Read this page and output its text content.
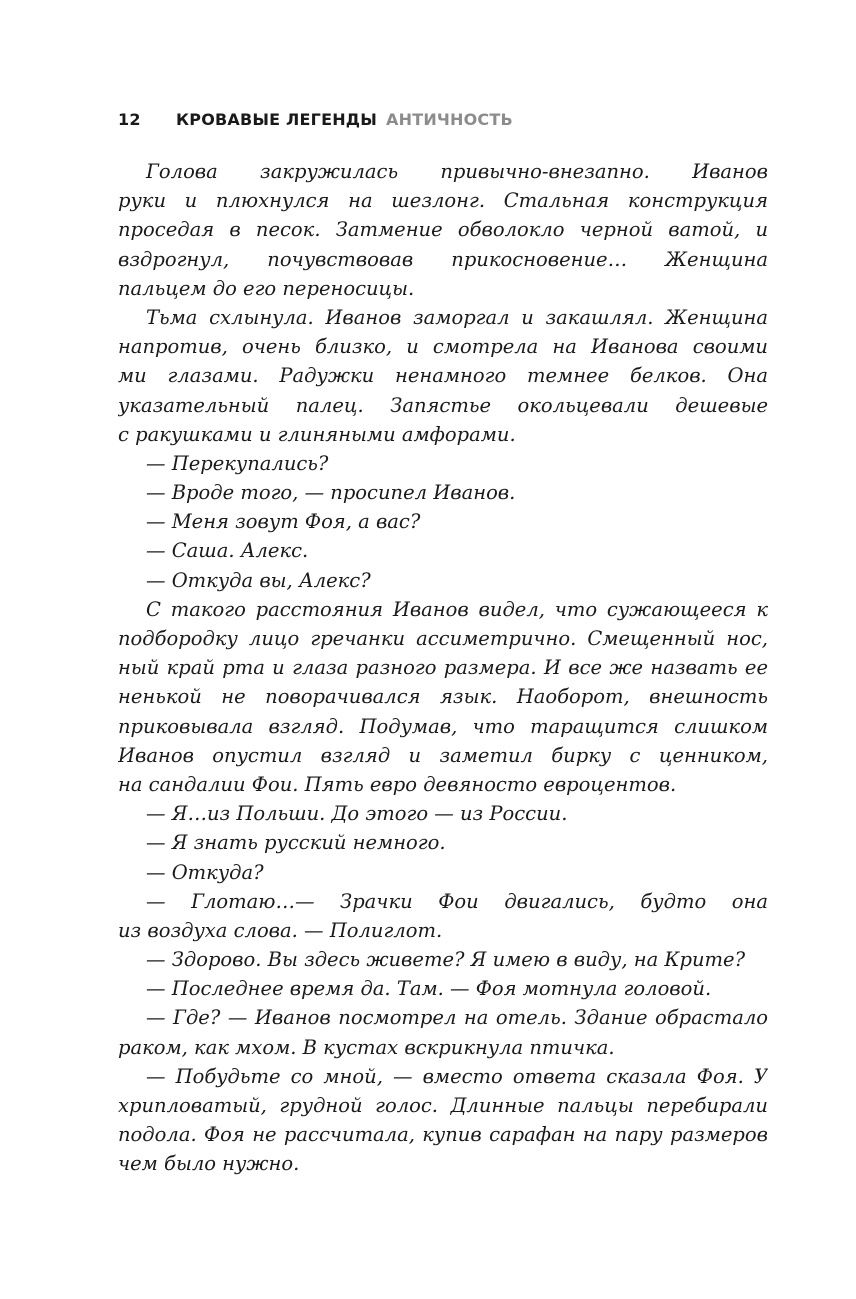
12 КРОВАВЫЕ ЛЕГЕНДЫ АНТИЧНОСТЬ
Голова закружилась привычно-внезапно. Иванов
руки и плюхнулся на шезлонг. Стальная конструкция
проседая в песок. Затмение обволокло черной ватой, и
вздрогнул, почувствовав прикосновение… Женщина
пальцем до его переносицы.
Тьма схлынула. Иванов заморгал и закашлял. Женщина
напротив, очень близко, и смотрела на Иванова своими
ми глазами. Радужки ненамного темнее белков. Она
указательный палец. Запястье окольцевали дешевые
с ракушками и глиняными амфорами.
— Перекупались?
— Вроде того, — просипел Иванов.
— Меня зовут Фоя, а вас?
— Саша. Алекс.
— Откуда вы, Алекс?
С такого расстояния Иванов видел, что сужающееся к
подбородку лицо гречанки ассиметрично. Смещенный нос,
ный край рта и глаза разного размера. И все же назвать ее
ненькой не поворачивался язык. Наоборот, внешность
приковывала взгляд. Подумав, что таращится слишком
Иванов опустил взгляд и заметил бирку с ценником,
на сандалии Фои. Пять евро девяносто евроцентов.
— Я…из Польши. До этого — из России.
— Я знать русский немного.
— Откуда?
— Глотаю…— Зрачки Фои двигались, будто она
из воздуха слова. — Полиглот.
— Здорово. Вы здесь живете? Я имею в виду, на Крите?
— Последнее время да. Там. — Фоя мотнула головой.
— Где? — Иванов посмотрел на отель. Здание обрастало
раком, как мхом. В кустах вскрикнула птичка.
— Побудьте со мной, — вместо ответа сказала Фоя. У
хрипловатый, грудной голос. Длинные пальцы перебирали
подола. Фоя не рассчитала, купив сарафан на пару размеров
чем было нужно.
